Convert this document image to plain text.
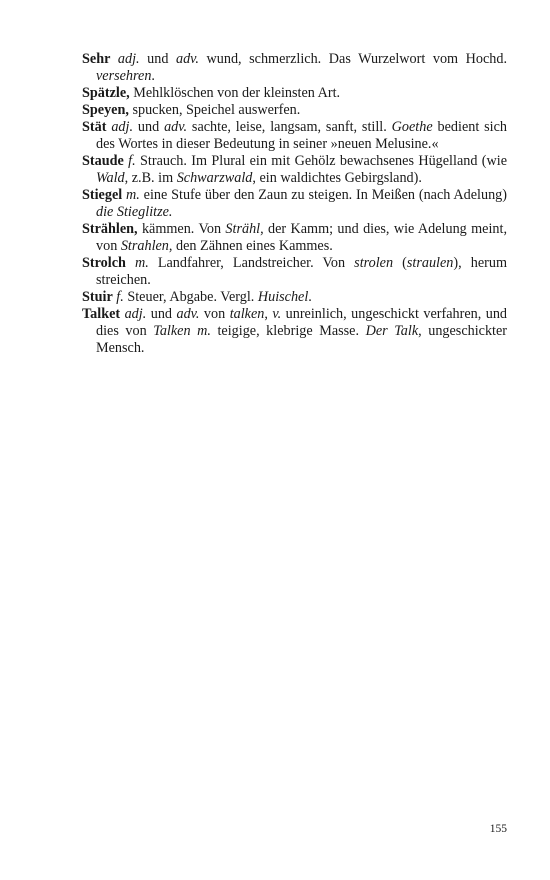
Sehr adj. und adv. wund, schmerzlich. Das Wurzelwort vom Hochd. versehren.

Spätzle, Mehlklöschen von der kleinsten Art.

Speyen, spucken, Speichel auswerfen.

Stät adj. und adv. sachte, leise, langsam, sanft, still. Goethe bedient sich des Wortes in dieser Bedeutung in seiner »neuen Melusine.«

Staude f. Strauch. Im Plural ein mit Gehölz bewachsenes Hügelland (wie Wald, z.B. im Schwarzwald, ein waldichtes Gebirgsland).

Stiegel m. eine Stufe über den Zaun zu steigen. In Meißen (nach Adelung) die Stieglitze.

Strählen, kämmen. Von Strähl, der Kamm; und dies, wie Adelung meint, von Strahlen, den Zähnen eines Kammes.

Strolch m. Landfahrer, Landstreicher. Von strolen (straulen), herum streichen.

Stuir f. Steuer, Abgabe. Vergl. Huischel.

Talket adj. und adv. von talken, v. unreinlich, ungeschickt verfahren, und dies von Talken m. teigige, klebrige Masse. Der Talk, ungeschickter Mensch.

155
